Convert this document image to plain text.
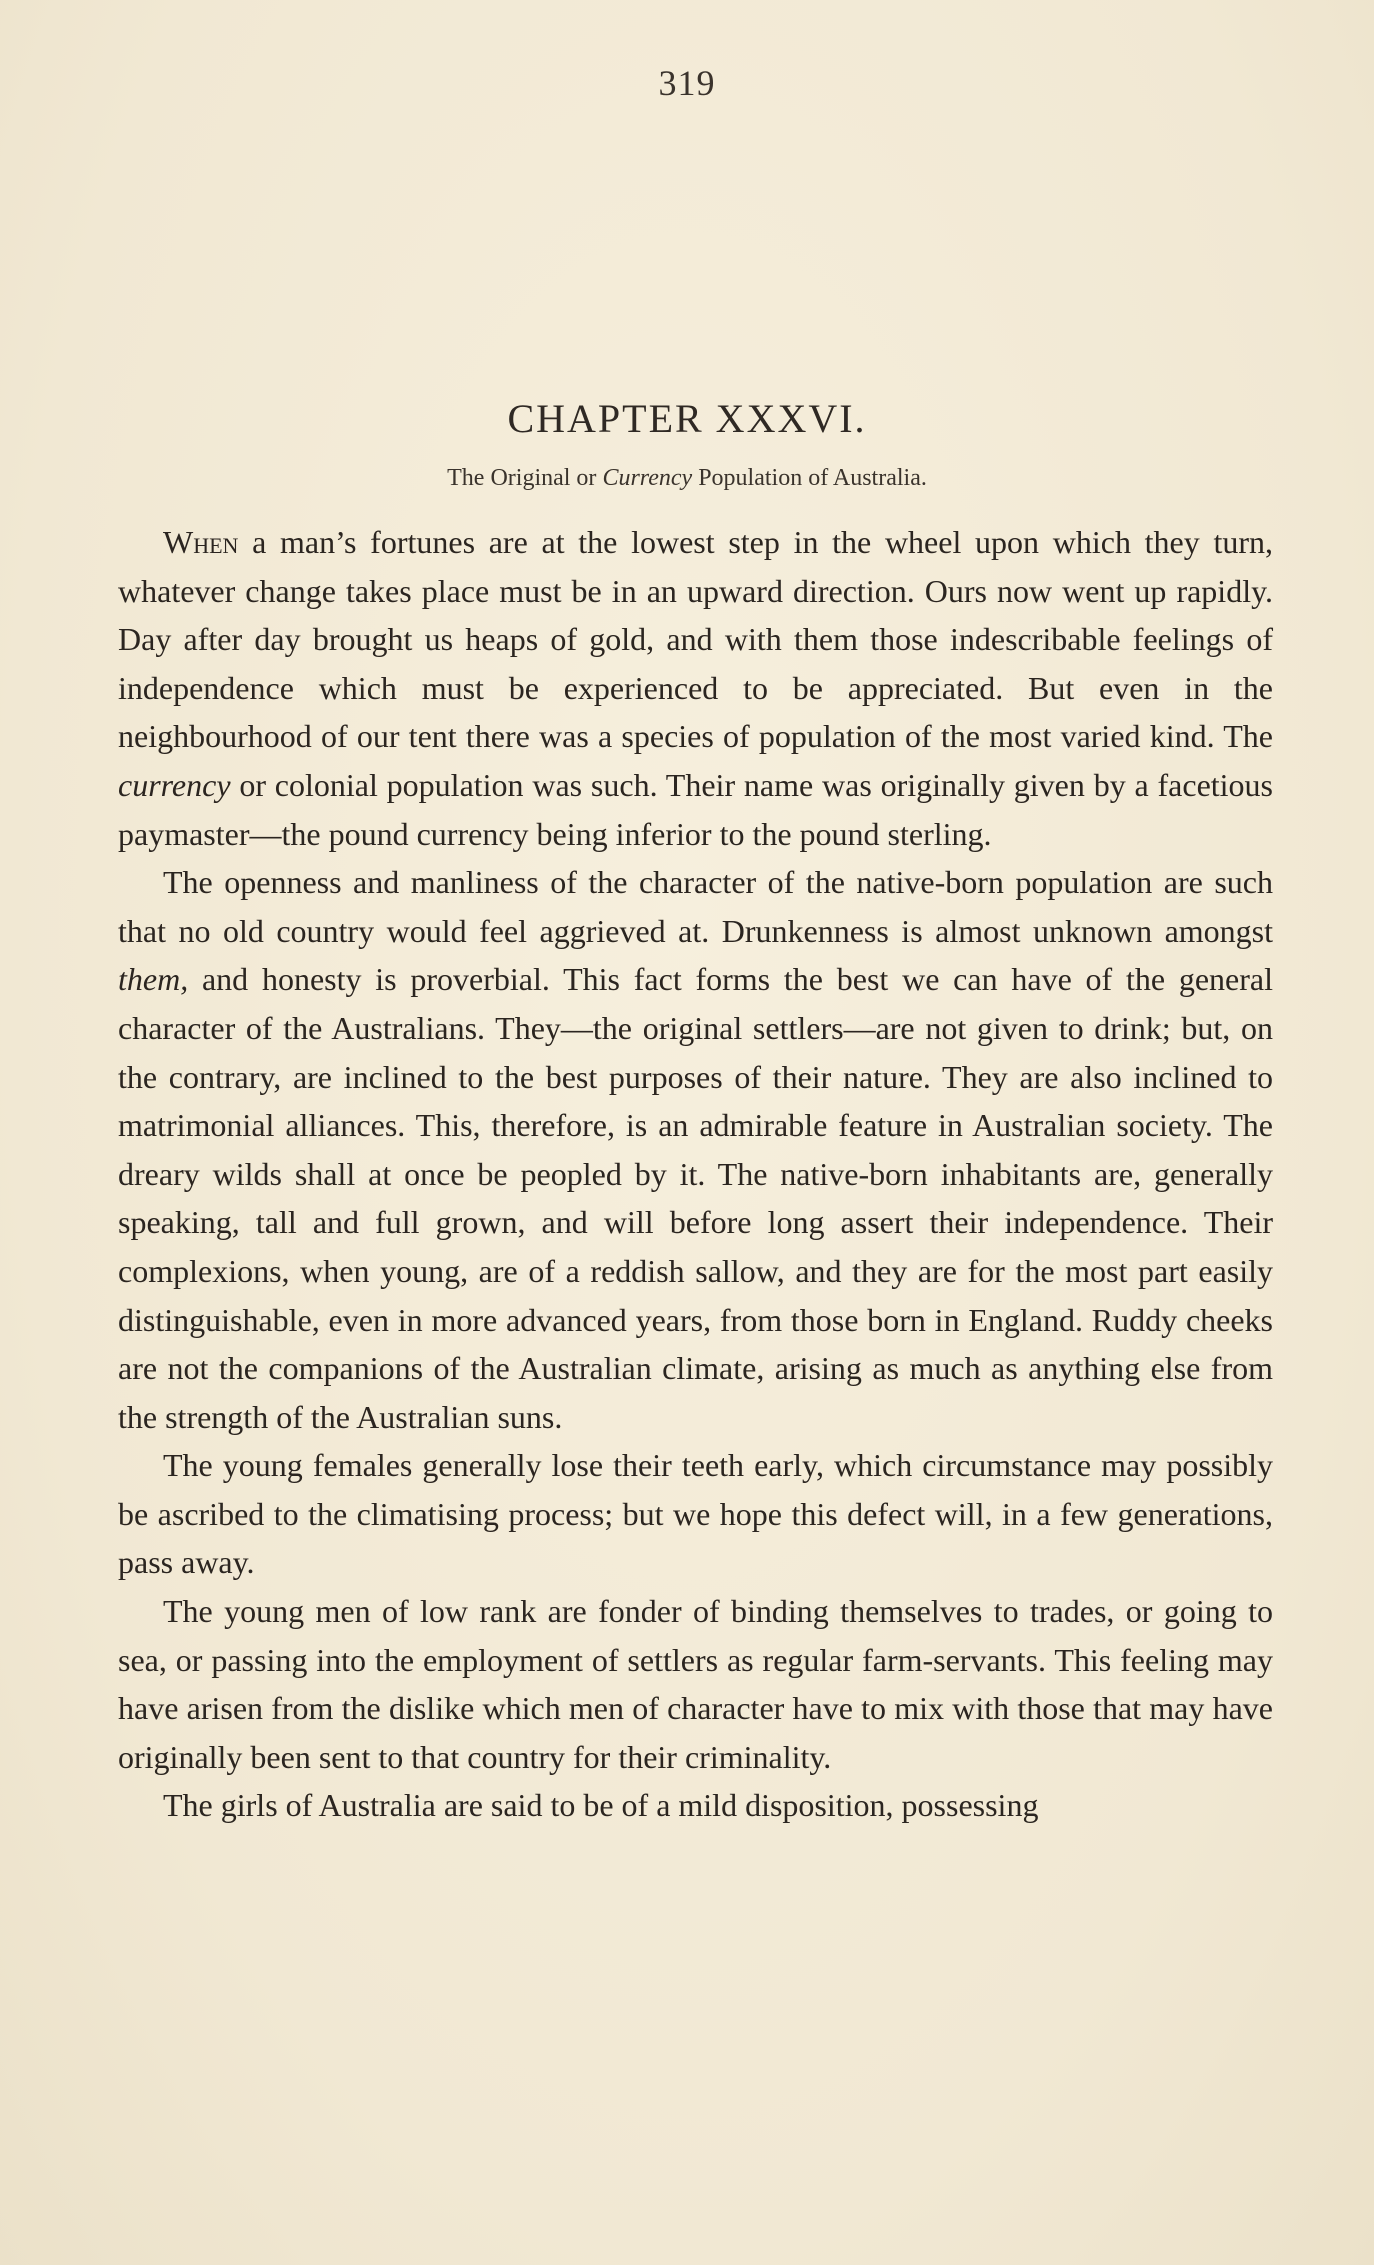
319
CHAPTER XXXVI.
The Original or Currency Population of Australia.

When a man’s fortunes are at the lowest step in the wheel upon which they turn, whatever change takes place must be in an upward direction. Ours now went up rapidly. Day after day brought us heaps of gold, and with them those indescribable feelings of independence which must be experienced to be appreciated. But even in the neighbourhood of our tent there was a species of population of the most varied kind. The currency or colonial population was such. Their name was originally given by a facetious paymaster—the pound currency being inferior to the pound sterling.

The openness and manliness of the character of the native-born population are such that no old country would feel aggrieved at. Drunkenness is almost unknown amongst them, and honesty is proverbial. This fact forms the best we can have of the general character of the Australians. They—the original settlers—are not given to drink; but, on the contrary, are inclined to the best purposes of their nature. They are also inclined to matrimonial alliances. This, therefore, is an admirable feature in Australian society. The dreary wilds shall at once be peopled by it. The native-born inhabitants are, generally speaking, tall and full grown, and will before long assert their independence. Their complexions, when young, are of a reddish sallow, and they are for the most part easily distinguishable, even in more advanced years, from those born in England. Ruddy cheeks are not the companions of the Australian climate, arising as much as anything else from the strength of the Australian suns.

The young females generally lose their teeth early, which circumstance may possibly be ascribed to the climatising process; but we hope this defect will, in a few generations, pass away.

The young men of low rank are fonder of binding themselves to trades, or going to sea, or passing into the employment of settlers as regular farm-servants. This feeling may have arisen from the dislike which men of character have to mix with those that may have originally been sent to that country for their criminality.

The girls of Australia are said to be of a mild disposition, possessing
